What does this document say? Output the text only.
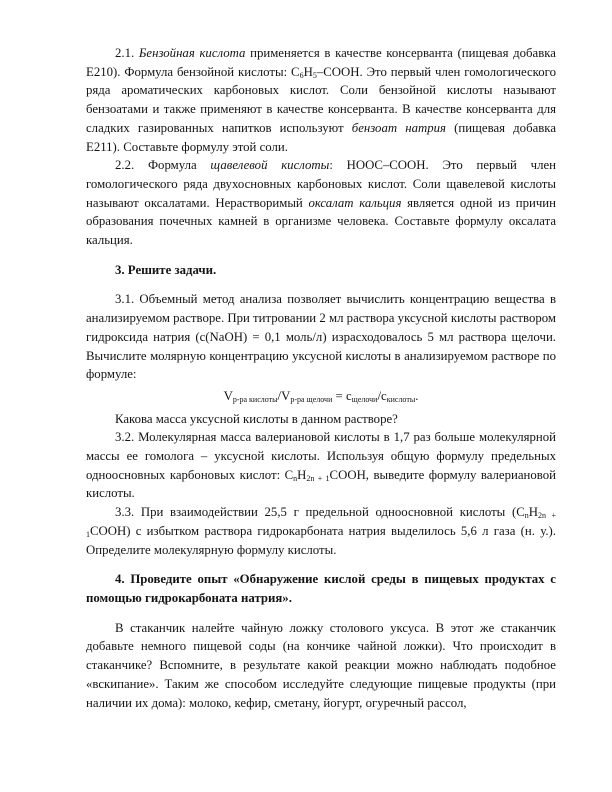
2.1. Бензойная кислота применяется в качестве консерванта (пищевая добавка Е210). Формула бензойной кислоты: $C_6H_5$–COOH. Это первый член гомологического ряда ароматических карбоновых кислот. Соли бензойной кислоты называют бензоатами и также применяют в качестве консерванта. В качестве консерванта для сладких газированных напитков используют бензоат натрия (пищевая добавка Е211). Составьте формулу этой соли.

2.2. Формула щавелевой кислоты: HOOC–COOH. Это первый член гомологического ряда двухосновных карбоновых кислот. Соли щавелевой кислоты называют оксалатами. Нерастворимый оксалат кальция является одной из причин образования почечных камней в организме человека. Составьте формулу оксалата кальция.

3. Решите задачи.

3.1. Объемный метод анализа позволяет вычислить концентрацию вещества в анализируемом растворе. При титровании 2 мл раствора уксусной кислоты раствором гидроксида натрия (c(NaOH) = 0,1 моль/л) израсходовалось 5 мл раствора щелочи. Вычислите молярную концентрацию уксусной кислоты в анализируемом растворе по формуле:

$V_{р-ра кислоты}/V_{р-ра щелочи} = c_{щелочи}/c_{кислоты}$.

Какова масса уксусной кислоты в данном растворе?

3.2. Молекулярная масса валериановой кислоты в 1,7 раз больше молекулярной массы ее гомолога – уксусной кислоты. Используя общую формулу предельных одноосновных карбоновых кислот: $C_nH_{2n + 1}COOH$, выведите формулу валериановой кислоты.

3.3. При взаимодействии 25,5 г предельной одноосновной кислоты $(C_nH_{2n + 1}COOH)$ с избытком раствора гидрокарбоната натрия выделилось 5,6 л газа (н. у.). Определите молекулярную формулу кислоты.

4. Проведите опыт «Обнаружение кислой среды в пищевых продуктах с помощью гидрокарбоната натрия».

В стаканчик налейте чайную ложку столового уксуса. В этот же стаканчик добавьте немного пищевой соды (на кончике чайной ложки). Что происходит в стаканчике? Вспомните, в результате какой реакции можно наблюдать подобное «вскипание». Таким же способом исследуйте следующие пищевые продукты (при наличии их дома): молоко, кефир, сметану, йогурт, огуречный рассол,
